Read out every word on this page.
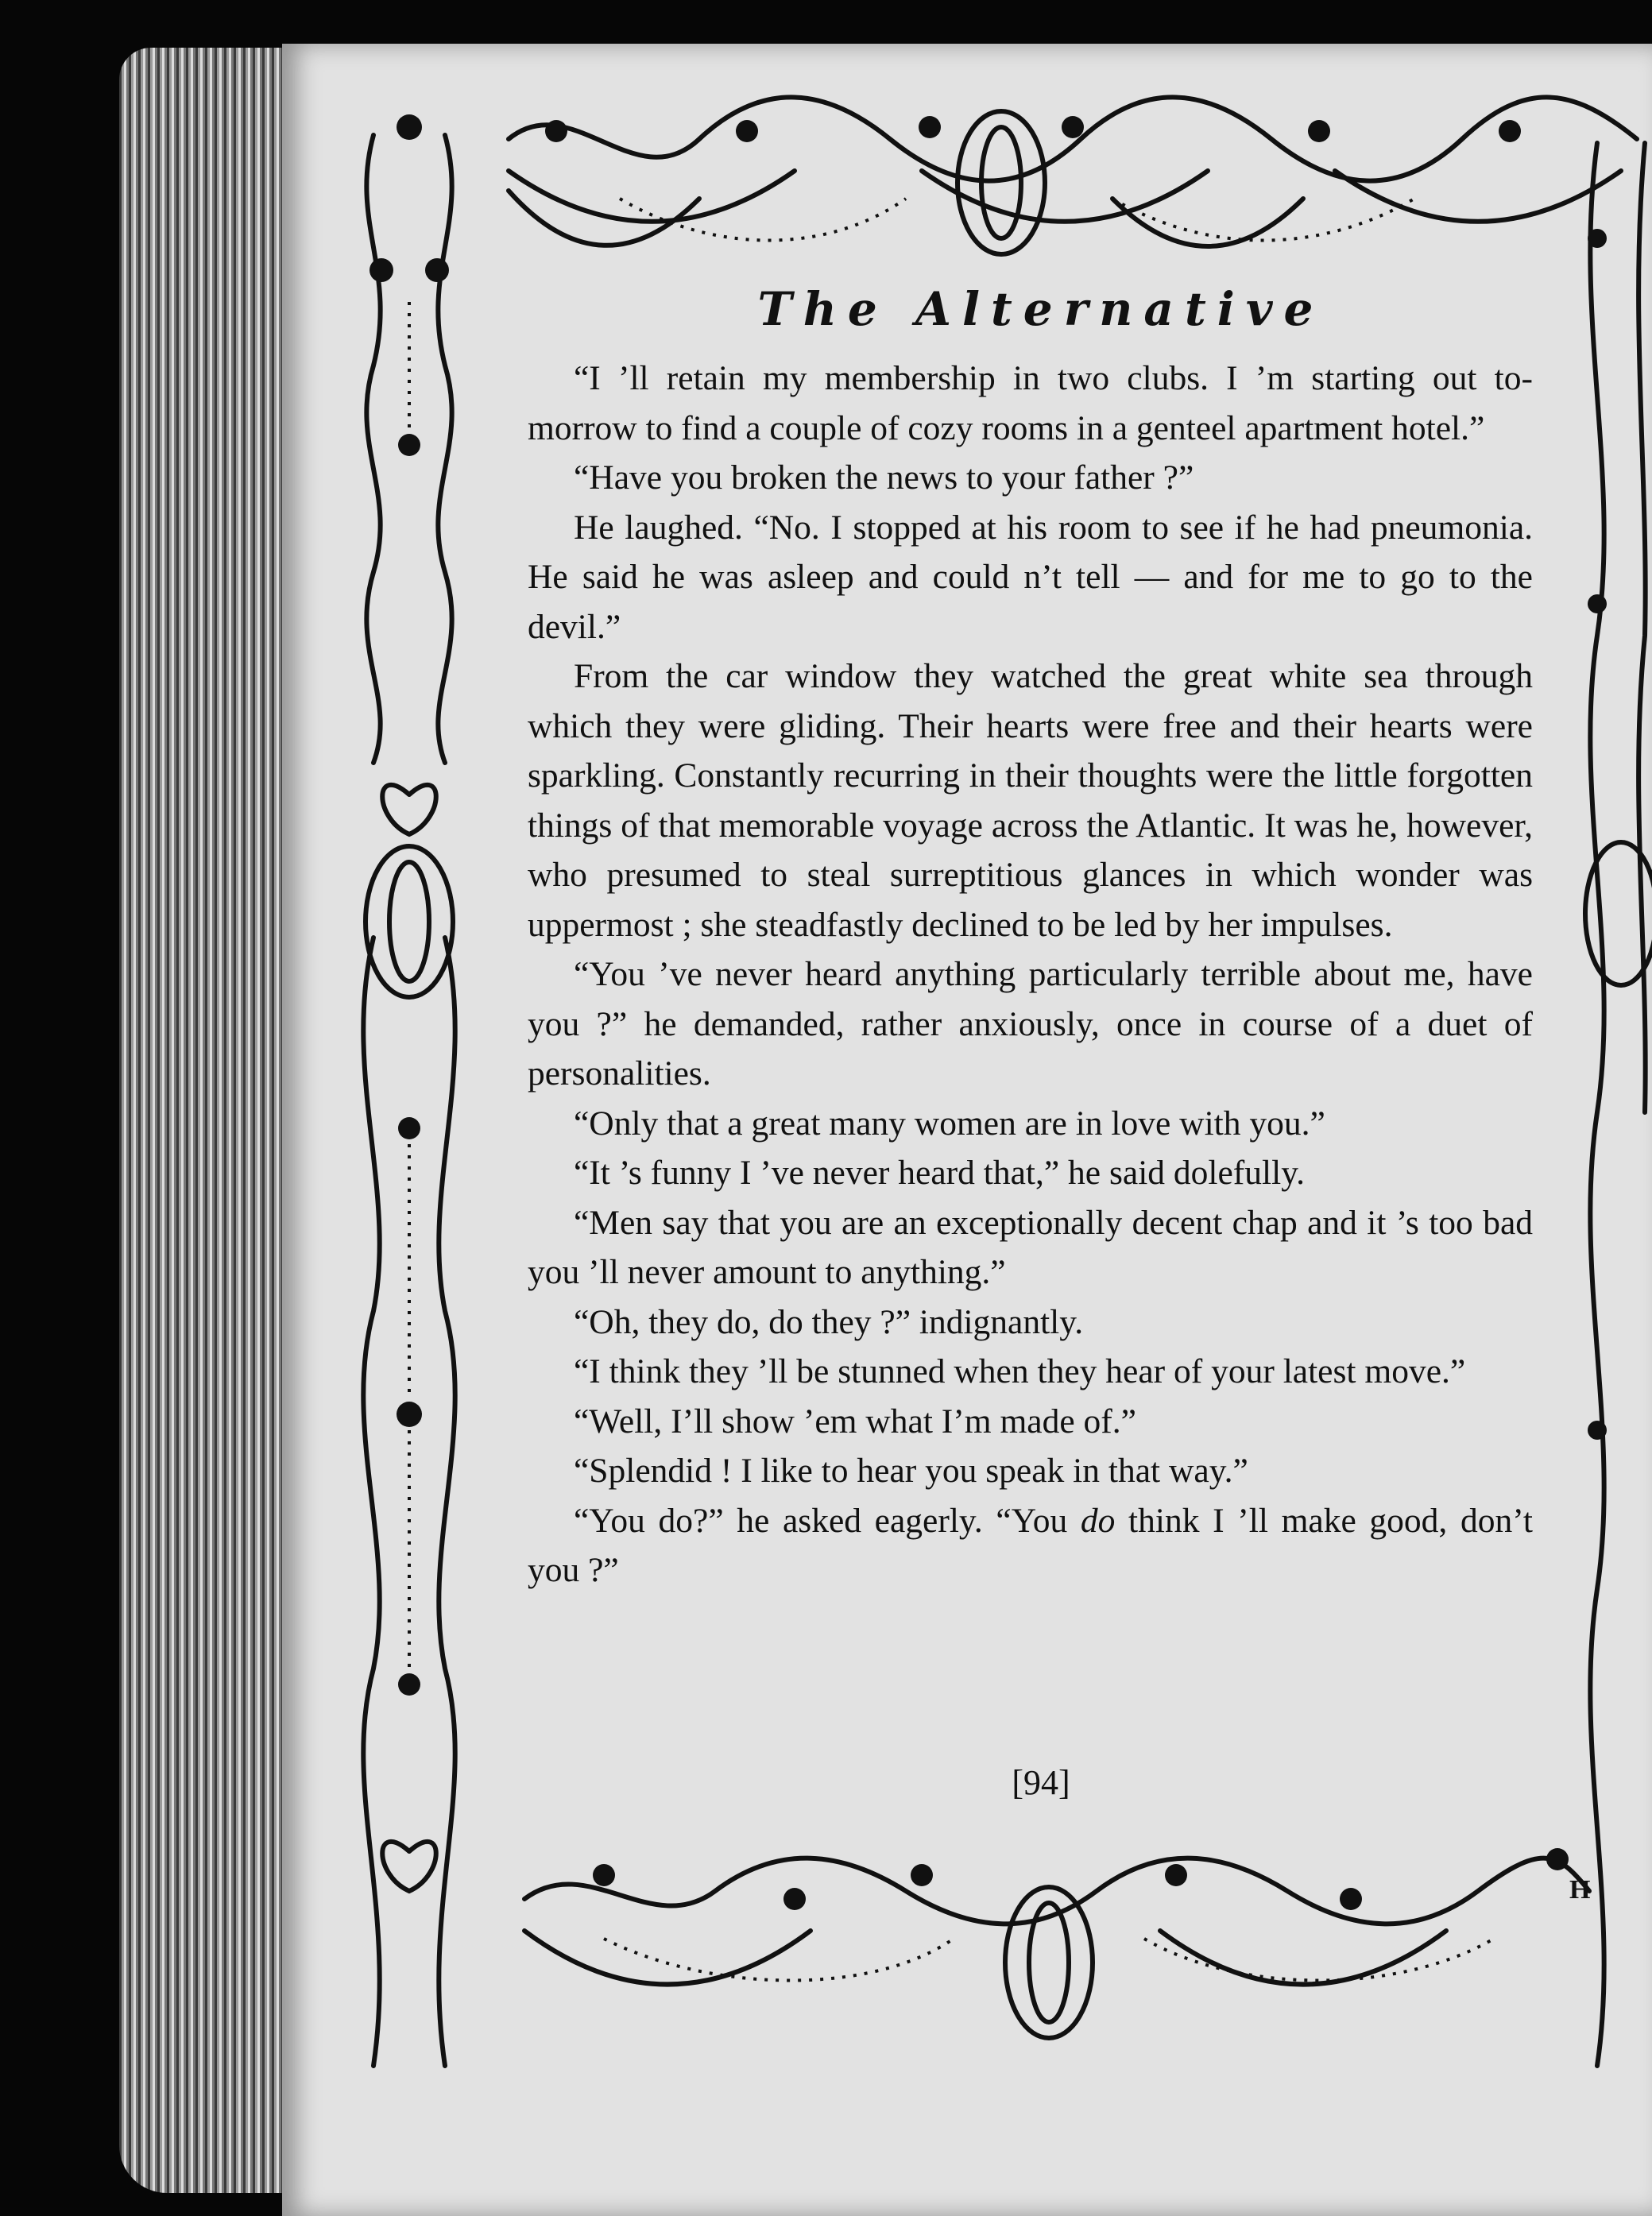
The Alternative

“I ’ll retain my membership in two clubs. I ’m starting out to-morrow to find a couple of cozy rooms in a genteel apartment hotel.”

“Have you broken the news to your father ?”

He laughed. “No. I stopped at his room to see if he had pneumonia. He said he was asleep and could n’t tell — and for me to go to the devil.”

From the car window they watched the great white sea through which they were gliding. Their hearts were free and their hearts were sparkling. Constantly recurring in their thoughts were the little forgotten things of that memorable voyage across the Atlantic. It was he, however, who presumed to steal surreptitious glances in which wonder was uppermost ; she steadfastly declined to be led by her impulses.

“You ’ve never heard anything particularly terrible about me, have you ?” he demanded, rather anxiously, once in course of a duet of personalities.

“Only that a great many women are in love with you.”

“It ’s funny I ’ve never heard that,” he said dolefully.

“Men say that you are an exceptionally decent chap and it ’s too bad you ’ll never amount to anything.”

“Oh, they do, do they ?” indignantly.

“I think they ’ll be stunned when they hear of your latest move.”

“Well, I’ll show ’em what I’m made of.”

“Splendid ! I like to hear you speak in that way.”

“You do?” he asked eagerly. “You do think I ’ll make good, don’t you ?”

[94]
H
